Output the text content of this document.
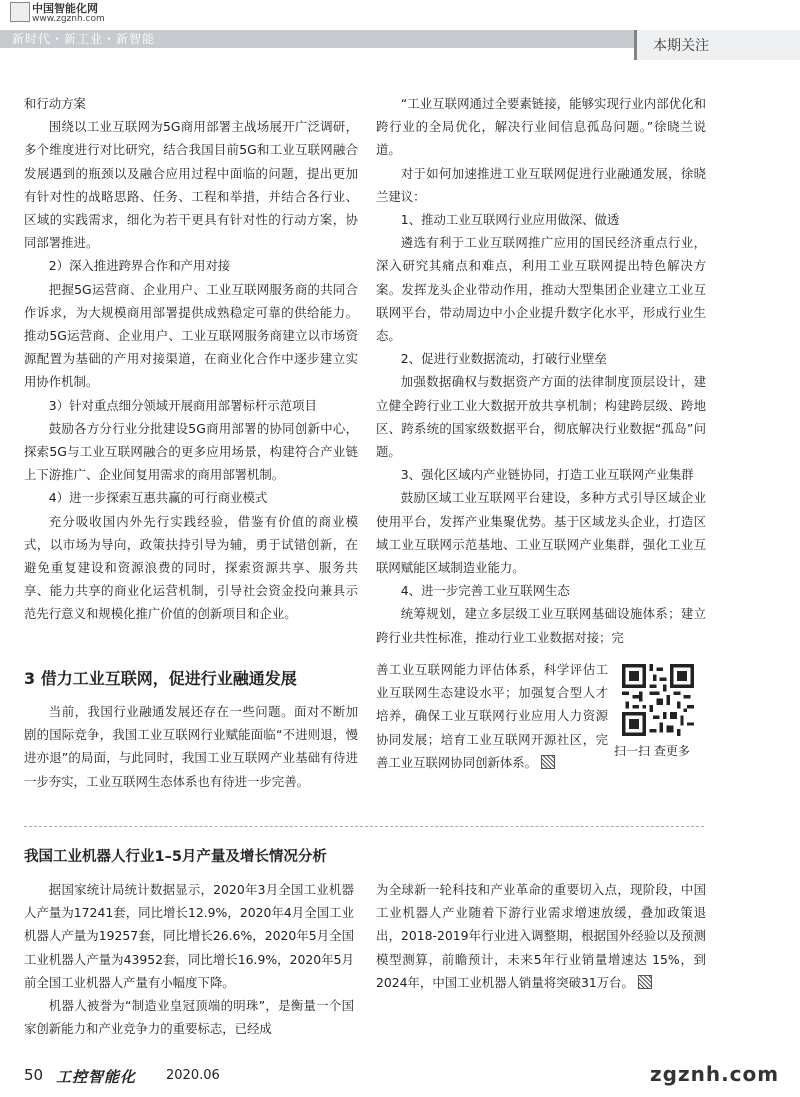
中国智能化网
www.zgznh.com
新时代・新工业・新智能	本期关注

和行动方案

围绕以工业互联网为5G商用部署主战场展开广泛调研，多个维度进行对比研究，结合我国目前5G和工业互联网融合发展遇到的瓶颈以及融合应用过程中面临的问题，提出更加有针对性的战略思路、任务、工程和举措，并结合各行业、区域的实践需求，细化为若干更具有针对性的行动方案，协同部署推进。

2）深入推进跨界合作和产用对接

把握5G运营商、企业用户、工业互联网服务商的共同合作诉求，为大规模商用部署提供成熟稳定可靠的供给能力。推动5G运营商、企业用户、工业互联网服务商建立以市场资源配置为基础的产用对接渠道，在商业化合作中逐步建立实用协作机制。

3）针对重点细分领域开展商用部署标杆示范项目

鼓励各方分行业分批建设5G商用部署的协同创新中心，探索5G与工业互联网融合的更多应用场景，构建符合产业链上下游推广、企业间复用需求的商用部署机制。

4）进一步探索互惠共赢的可行商业模式

充分吸收国内外先行实践经验，借鉴有价值的商业模式，以市场为导向，政策扶持引导为辅，勇于试错创新，在避免重复建设和资源浪费的同时，探索资源共享、服务共享、能力共享的商业化运营机制，引导社会资金投向兼具示范先行意义和规模化推广价值的创新项目和企业。

3 借力工业互联网，促进行业融通发展

当前，我国行业融通发展还存在一些问题。面对不断加剧的国际竞争，我国工业互联网行业赋能面临“不进则退，慢进亦退”的局面，与此同时，我国工业互联网产业基础有待进一步夯实，工业互联网生态体系也有待进一步完善。

“工业互联网通过全要素链接，能够实现行业内部优化和跨行业的全局优化，解决行业间信息孤岛问题。”徐晓兰说道。

对于如何加速推进工业互联网促进行业融通发展，徐晓兰建议：

1、推动工业互联网行业应用做深、做透

遴选有利于工业互联网推广应用的国民经济重点行业，深入研究其痛点和难点，利用工业互联网提出特色解决方案。发挥龙头企业带动作用，推动大型集团企业建立工业互联网平台，带动周边中小企业提升数字化水平，形成行业生态。

2、促进行业数据流动，打破行业壁垒

加强数据确权与数据资产方面的法律制度顶层设计，建立健全跨行业工业大数据开放共享机制；构建跨层级、跨地区、跨系统的国家级数据平台，彻底解决行业数据“孤岛”问题。

3、强化区域内产业链协同，打造工业互联网产业集群

鼓励区域工业互联网平台建设，多种方式引导区域企业使用平台，发挥产业集聚优势。基于区域龙头企业，打造区域工业互联网示范基地、工业互联网产业集群，强化工业互联网赋能区域制造业能力。

4、进一步完善工业互联网生态

统筹规划，建立多层级工业互联网基础设施体系；建立跨行业共性标准，推动行业工业数据对接；完

善工业互联网能力评估体系，科学评估工业互联网生态建设水平；加强复合型人才培养，确保工业互联网行业应用人力资源协同发展；培育工业互联网开源社区，完善工业互联网协同创新体系。

扫一扫 查更多
我国工业机器人行业1–5月产量及增长情况分析

据国家统计局统计数据显示，2020年3月全国工业机器人产量为17241套，同比增长12.9%，2020年4月全国工业机器人产量为19257套，同比增长26.6%，2020年5月全国工业机器人产量为43952套，同比增长16.9%，2020年5月前全国工业机器人产量有小幅度下降。

机器人被誉为“制造业皇冠顶端的明珠”，是衡量一个国家创新能力和产业竞争力的重要标志，已经成

为全球新一轮科技和产业革命的重要切入点，现阶段，中国工业机器人产业随着下游行业需求增速放缓，叠加政策退出，2018-2019年行业进入调整期，根据国外经验以及预测模型测算，前瞻预计，未来5年行业销量增速达 15%，到2024年，中国工业机器人销量将突破31万台。

50 工控智能化 2020.06	zgznh.com
